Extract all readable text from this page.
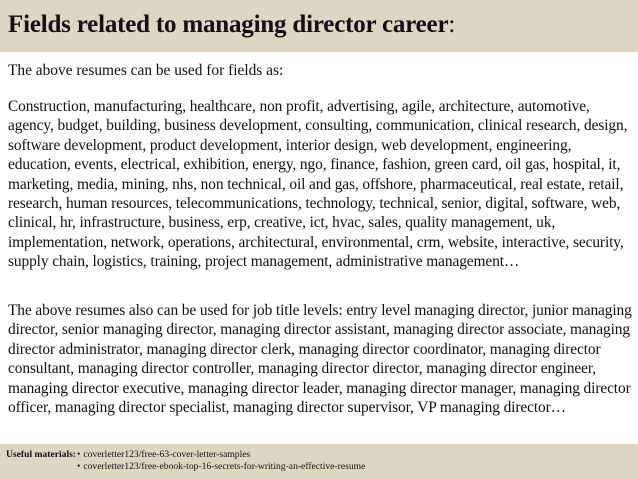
Fields related to managing director career:

The above resumes can be used for fields as:

Construction, manufacturing, healthcare, non profit, advertising, agile, architecture, automotive, agency, budget, building, business development, consulting, communication, clinical research, design, software development, product development, interior design, web development, engineering, education, events, electrical, exhibition, energy, ngo, finance, fashion, green card, oil gas, hospital, it, marketing, media, mining, nhs, non technical, oil and gas, offshore, pharmaceutical, real estate, retail, research, human resources, telecommunications, technology, technical, senior, digital, software, web, clinical, hr, infrastructure, business, erp, creative, ict, hvac, sales, quality management, uk, implementation, network, operations, architectural, environmental, crm, website, interactive, security, supply chain, logistics, training, project management, administrative management…

The above resumes also can be used for job title levels: entry level managing director, junior managing director, senior managing director, managing director assistant, managing director associate, managing director administrator, managing director clerk, managing director coordinator, managing director consultant, managing director controller, managing director director, managing director engineer, managing director executive, managing director leader, managing director manager, managing director officer, managing director specialist, managing director supervisor, VP managing director…

Useful materials: • coverletter123/free-63-cover-letter-samples
• coverletter123/free-ebook-top-16-secrets-for-writing-an-effective-resume
